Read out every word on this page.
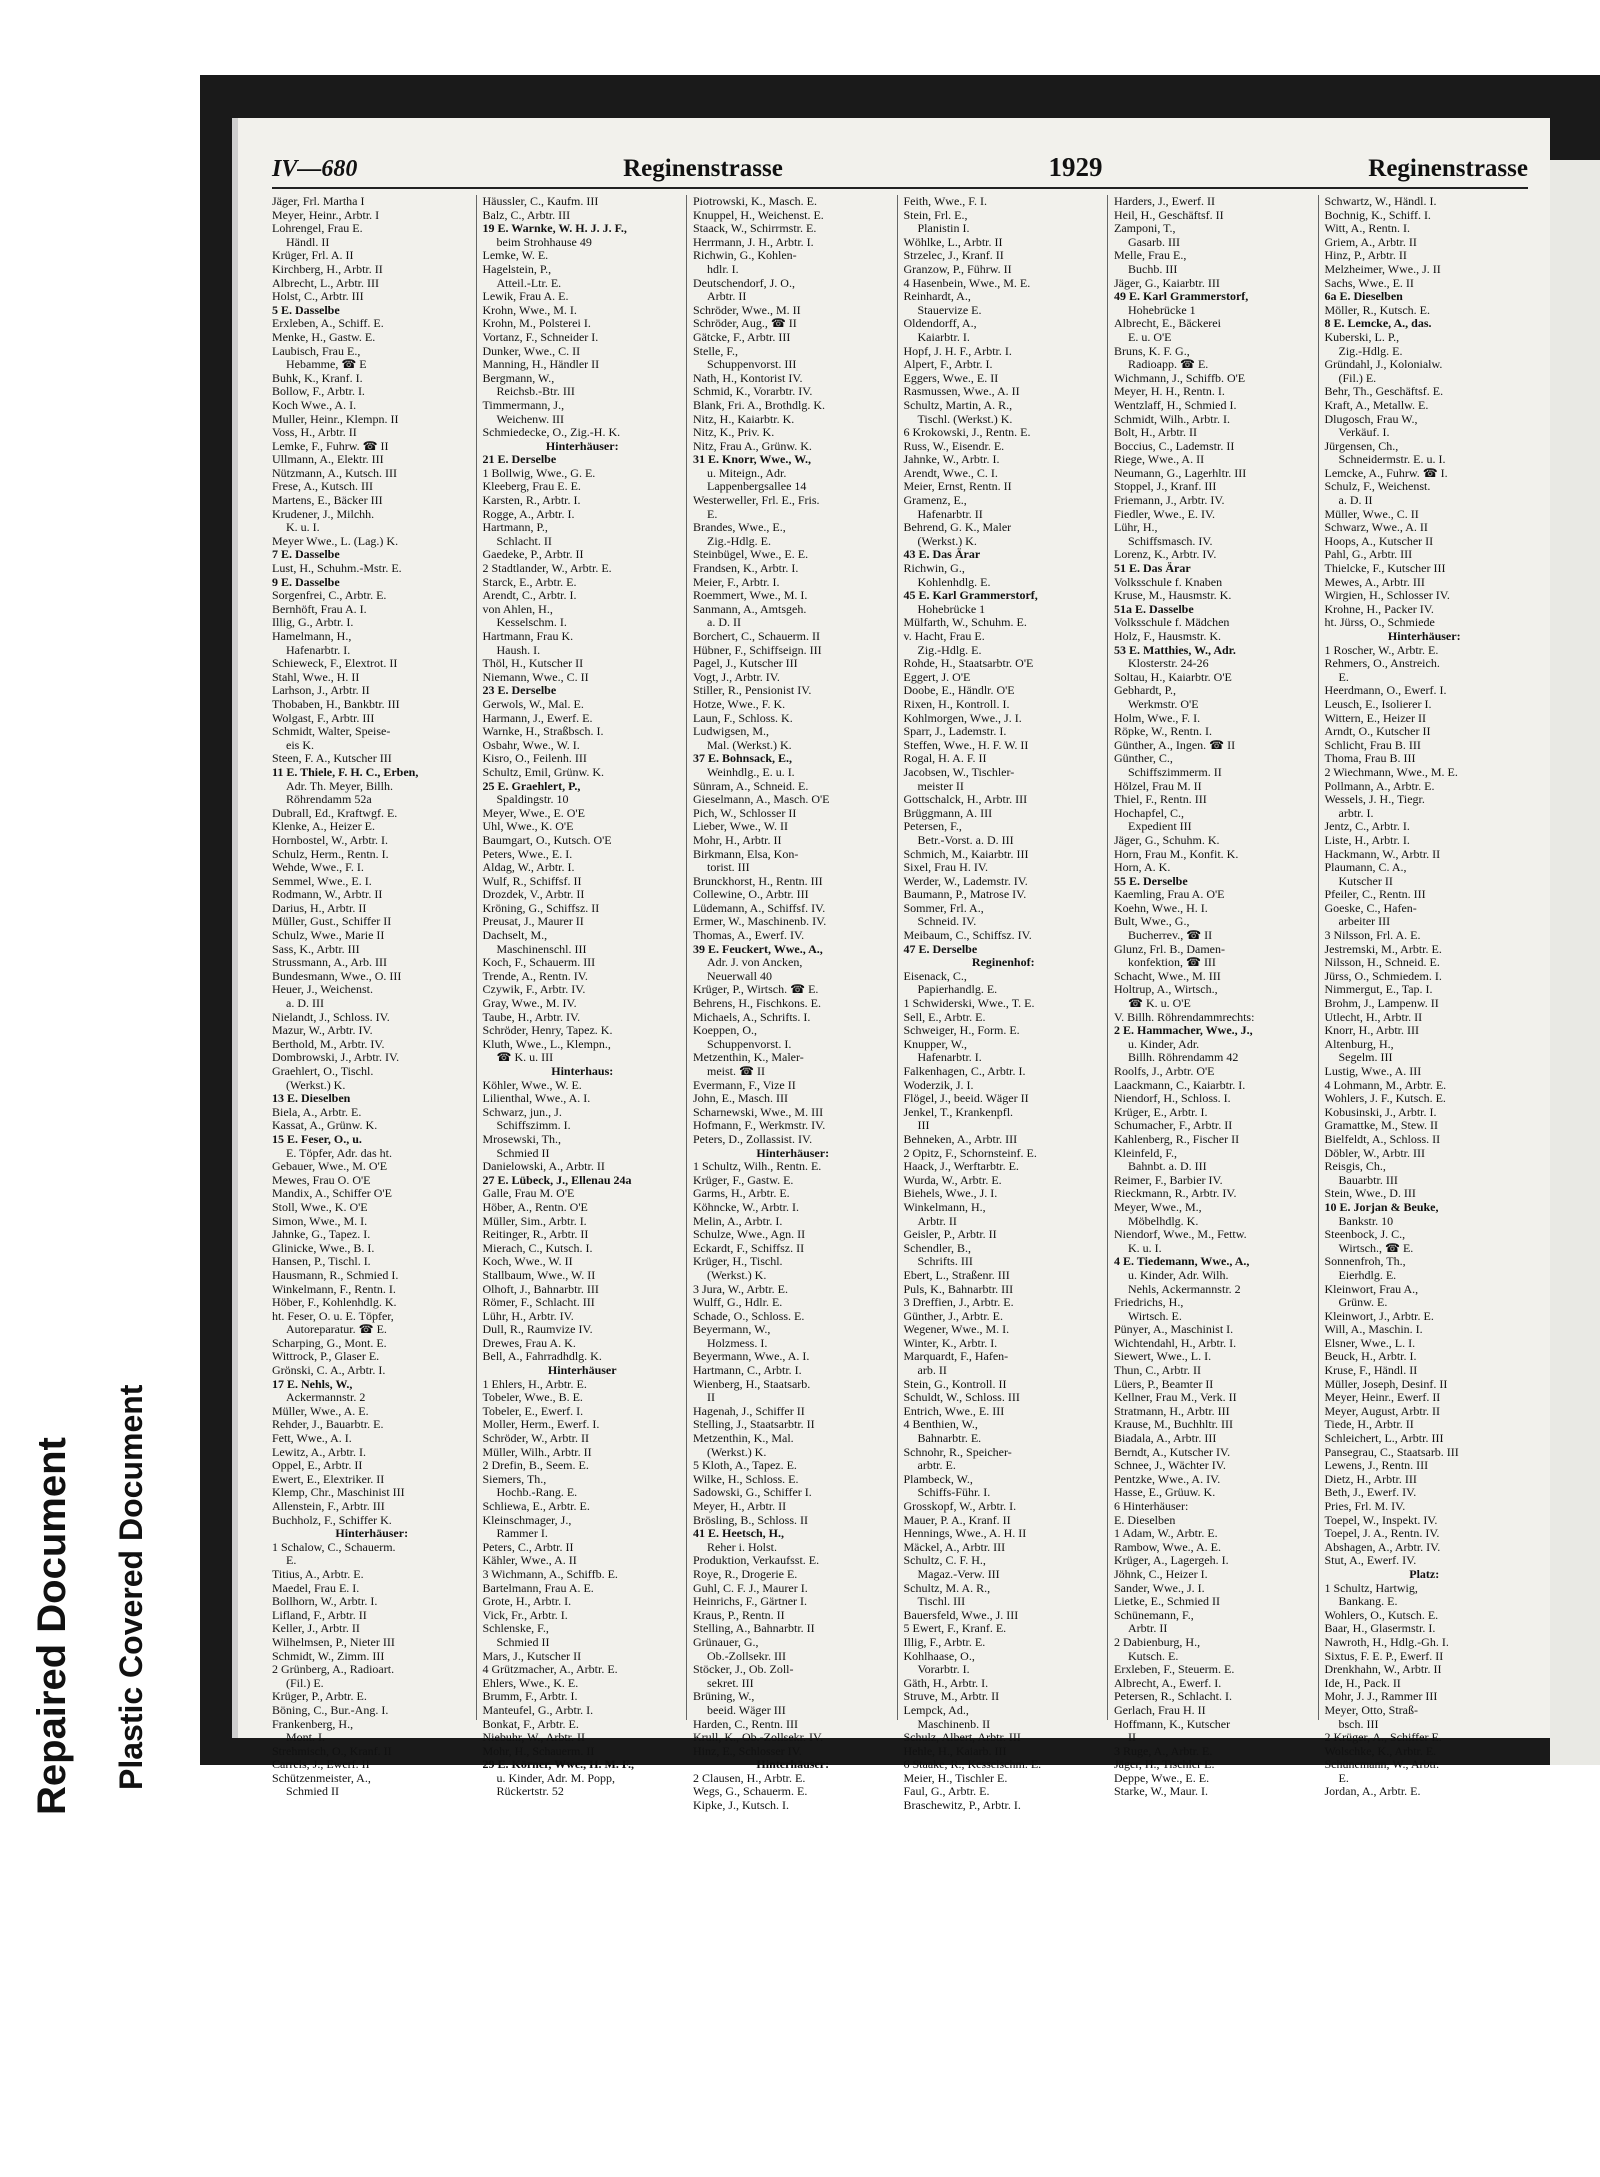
Repaired Document Plastic Covered Document
IV—680	Reginenstrasse	1929	Reginenstrasse
Jäger, Frl. Martha I
Meyer, Heinr., Arbtr. I
Lohrengel, Frau E.
Händl. II
Krüger, Frl. A. II
Kirchberg, H., Arbtr. II
Albrecht, L., Arbtr. III
Holst, C., Arbtr. III
5 E. Dasselbe
Erxleben, A., Schiff. E.
Menke, H., Gastw. E.
Laubisch, Frau E.,
Hebamme, ☎ E
Buhk, K., Kranf. I.
Bollow, F., Arbtr. I.
Koch Wwe., A. I.
Muller, Heinr., Klempn. II
Voss, H., Arbtr. II
Lemke, F., Fuhrw. ☎ II
Ullmann, A., Elektr. III
Nützmann, A., Kutsch. III
Frese, A., Kutsch. III
Martens, E., Bäcker III
Krudener, J., Milchh.
K. u. I.
Meyer Wwe., L. (Lag.) K.
7 E. Dasselbe
Lust, H., Schuhm.-Mstr. E.
9 E. Dasselbe
Sorgenfrei, C., Arbtr. E.
Bernhöft, Frau A. I.
Illig, G., Arbtr. I.
Hamelmann, H.,
Hafenarbtr. I.
Schieweck, F., Elextrot. II
Stahl, Wwe., H. II
Larhson, J., Arbtr. II
Thobaben, H., Bankbtr. III
Wolgast, F., Arbtr. III
Schmidt, Walter, Speise-
eis K.
Steen, F. A., Kutscher III
11 E. Thiele, F. H. C., Erben,
Adr. Th. Meyer, Billh.
Röhrendamm 52a
Dubrall, Ed., Kraftwgf. E.
Klenke, A., Heizer E.
Hornbostel, W., Arbtr. I.
Schulz, Herm., Rentn. I.
Wehde, Wwe., F. I.
Semmel, Wwe., E. I.
Rodmann, W., Arbtr. II
Darius, H., Arbtr. II
Müller, Gust., Schiffer II
Schulz, Wwe., Marie II
Sass, K., Arbtr. III
Strussmann, A., Arb. III
Bundesmann, Wwe., O. III
Heuer, J., Weichenst.
a. D. III
Nielandt, J., Schloss. IV.
Mazur, W., Arbtr. IV.
Berthold, M., Arbtr. IV.
Dombrowski, J., Arbtr. IV.
Graehlert, O., Tischl.
(Werkst.) K.
13 E. Dieselben
Biela, A., Arbtr. E.
Kassat, A., Grünw. K.
15 E. Feser, O., u.
E. Töpfer, Adr. das ht.
Gebauer, Wwe., M. O'E
Mewes, Frau O. O'E
Mandix, A., Schiffer O'E
Stoll, Wwe., K. O'E
Simon, Wwe., M. I.
Jahnke, G., Tapez. I.
Glinicke, Wwe., B. I.
Hansen, P., Tischl. I.
Hausmann, R., Schmied I.
Winkelmann, F., Rentn. I.
Höber, F., Kohlenhdlg. K.
ht. Feser, O. u. E. Töpfer,
Autoreparatur. ☎ E.
Scharping, G., Mont. E.
Wittrock, P., Glaser E.
Grönski, C. A., Arbtr. I.
17 E. Nehls, W.,
Ackermannstr. 2
Müller, Wwe., A. E.
Rehder, J., Bauarbtr. E.
Fett, Wwe., A. I.
Lewitz, A., Arbtr. I.
Oppel, E., Arbtr. II
Ewert, E., Elextriker. II
Klemp, Chr., Maschinist III
Allenstein, F., Arbtr. III
Buchholz, F., Schiffer K.
Hinterhäuser:
1 Schalow, C., Schauerm.
E.
Titius, A., Arbtr. E.
Maedel, Frau E. I.
Bollhorn, W., Arbtr. I.
Lifland, F., Arbtr. II
Keller, J., Arbtr. II
Wilhelmsen, P., Nieter III
Schmidt, W., Zimm. III
2 Grünberg, A., Radioart.
(Fil.) E.
Krüger, P., Arbtr. E.
Böning, C., Bur.-Ang. I.
Frankenberg, H.,
Mont. I.
Strehmisch, O., Kranf. II
Carrels, J., Ewerf. II
Schützenmeister, A.,
Schmied II
Häussler, C., Kaufm. III
Balz, C., Arbtr. III
19 E. Warnke, W. H. J. J. F.,
beim Strohhause 49
Lemke, W. E.
Hagelstein, P.,
Atteil.-Ltr. E.
Lewik, Frau A. E.
Krohn, Wwe., M. I.
Krohn, M., Polsterei I.
Vortanz, F., Schneider I.
Dunker, Wwe., C. II
Manning, H., Händler II
Bergmann, W.,
Reichsb.-Btr. III
Timmermann, J.,
Weichenw. III
Schmiedecke, O., Zig.-H. K.
Hinterhäuser:
21 E. Derselbe
1 Bollwig, Wwe., G. E.
Kleeberg, Frau E. E.
Karsten, R., Arbtr. I.
Rogge, A., Arbtr. I.
Hartmann, P.,
Schlacht. II
Gaedeke, P., Arbtr. II
2 Stadtlander, W., Arbtr. E.
Starck, E., Arbtr. E.
Arendt, C., Arbtr. I.
von Ahlen, H.,
Kesselschm. I.
Hartmann, Frau K.
Haush. I.
Thöl, H., Kutscher II
Niemann, Wwe., C. II
23 E. Derselbe
Gerwols, W., Mal. E.
Harmann, J., Ewerf. E.
Warnke, H., Straßbsch. I.
Osbahr, Wwe., W. I.
Kisro, O., Feilenh. III
Schultz, Emil, Grünw. K.
25 E. Graehlert, P.,
Spaldingstr. 10
Meyer, Wwe., E. O'E
Uhl, Wwe., K. O'E
Baumgart, O., Kutsch. O'E
Peters, Wwe., E. I.
Aldag, W., Arbtr. I.
Wulf, R., Schiffsf. II
Drozdek, V., Arbtr. II
Kröning, G., Schiffsz. II
Preusat, J., Maurer II
Dachselt, M.,
Maschinenschl. III
Koch, F., Schauerm. III
Trende, A., Rentn. IV.
Czywik, F., Arbtr. IV.
Gray, Wwe., M. IV.
Taube, H., Arbtr. IV.
Schröder, Henry, Tapez. K.
Kluth, Wwe., L., Klempn.,
☎ K. u. III
Hinterhaus:
Köhler, Wwe., W. E.
Lilienthal, Wwe., A. I.
Schwarz, jun., J.
Schiffszimm. I.
Mrosewski, Th.,
Schmied II
Danielowski, A., Arbtr. II
27 E. Lübeck, J., Ellenau 24a
Galle, Frau M. O'E
Höber, A., Rentn. O'E
Müller, Sim., Arbtr. I.
Reitinger, R., Arbtr. II
Mierach, C., Kutsch. I.
Koch, Wwe., W. II
Stallbaum, Wwe., W. II
Olhoft, J., Bahnarbtr. III
Römer, F., Schlacht. III
Lühr, H., Arbtr. IV.
Dull, R., Raumvize IV.
Drewes, Frau A. K.
Bell, A., Fahrradhdlg. K.
Hinterhäuser
1 Ehlers, H., Arbtr. E.
Tobeler, Wwe., B. E.
Tobeler, E., Ewerf. I.
Moller, Herm., Ewerf. I.
Schröder, W., Arbtr. II
Müller, Wilh., Arbtr. II
2 Drefin, B., Seem. E.
Siemers, Th.,
Hochb.-Rang. E.
Schliewa, E., Arbtr. E.
Kleinschmager, J.,
Rammer I.
Peters, C., Arbtr. II
Kähler, Wwe., A. II
3 Wichmann, A., Schiffb. E.
Bartelmann, Frau A. E.
Grote, H., Arbtr. I.
Vick, Fr., Arbtr. I.
Schlenske, F.,
Schmied II
Mars, J., Kutscher II
4 Grützmacher, A., Arbtr. E.
Ehlers, Wwe., K. E.
Brumm, F., Arbtr. I.
Manteufel, G., Arbtr. I.
Bonkat, F., Arbtr. E.
Niebuhr, W., Arbtr. II
Mohr, H., Schauerm. II
29 E. Körner, Wwe., H. M. F.,
u. Kinder, Adr. M. Popp,
Rückertstr. 52
Piotrowski, K., Masch. E.
Knuppel, H., Weichenst. E.
Staack, W., Schirrmstr. E.
Herrmann, J. H., Arbtr. I.
Richwin, G., Kohlen-
hdlr. I.
Deutschendorf, J. O.,
Arbtr. II
Schröder, Wwe., M. II
Schröder, Aug., ☎ II
Gätcke, F., Arbtr. III
Stelle, F.,
Schuppenvorst. III
Nath, H., Kontorist IV.
Schmid, K., Vorarbtr. IV.
Blank, Fri. A., Brothdlg. K.
Nitz, H., Kaiarbtr. K.
Nitz, K., Priv. K.
Nitz, Frau A., Grünw. K.
31 E. Knorr, Wwe., W.,
u. Miteign., Adr.
Lappenbergsallee 14
Westerweller, Frl. E., Fris.
E.
Brandes, Wwe., E.,
Zig.-Hdlg. E.
Steinbügel, Wwe., E. E.
Frandsen, K., Arbtr. I.
Meier, F., Arbtr. I.
Roemmert, Wwe., M. I.
Sanmann, A., Amtsgeh.
a. D. II
Borchert, C., Schauerm. II
Hübner, F., Schiffseign. III
Pagel, J., Kutscher III
Vogt, J., Arbtr. IV.
Stiller, R., Pensionist IV.
Hotze, Wwe., F. K.
Laun, F., Schloss. K.
Ludwigsen, M.,
Mal. (Werkst.) K.
37 E. Bohnsack, E.,
Weinhdlg., E. u. I.
Sünram, A., Schneid. E.
Gieselmann, A., Masch. O'E
Pich, W., Schlosser II
Lieber, Wwe., W. II
Mohr, H., Arbtr. II
Birkmann, Elsa, Kon-
torist. III
Brunckhorst, H., Rentn. III
Collewine, O., Arbtr. III
Lüdemann, A., Schiffsf. IV.
Ermer, W., Maschinenb. IV.
Thomas, A., Ewerf. IV.
39 E. Feuckert, Wwe., A.,
Adr. J. von Ancken,
Neuerwall 40
Krüger, P., Wirtsch. ☎ E.
Behrens, H., Fischkons. E.
Michaels, A., Schrifts. I.
Koeppen, O.,
Schuppenvorst. I.
Metzenthin, K., Maler-
meist. ☎ II
Evermann, F., Vize II
John, E., Masch. III
Scharnewski, Wwe., M. III
Hofmann, F., Werkmstr. IV.
Peters, D., Zollassist. IV.
Hinterhäuser:
1 Schultz, Wilh., Rentn. E.
Krüger, F., Gastw. E.
Garms, H., Arbtr. E.
Köhncke, W., Arbtr. I.
Melin, A., Arbtr. I.
Schulze, Wwe., Agn. II
Eckardt, F., Schiffsz. II
Krüger, H., Tischl.
(Werkst.) K.
3 Jura, W., Arbtr. E.
Wulff, G., Hdlr. E.
Schade, O., Schloss. E.
Beyermann, W.,
Holzmess. I.
Beyermann, Wwe., A. I.
Hartmann, C., Arbtr. I.
Wienberg, H., Staatsarb.
II
Hagenah, J., Schiffer II
Stelling, J., Staatsarbtr. II
Metzenthin, K., Mal.
(Werkst.) K.
5 Kloth, A., Tapez. E.
Wilke, H., Schloss. E.
Sadowski, G., Schiffer I.
Meyer, H., Arbtr. II
Brösling, B., Schloss. II
41 E. Heetsch, H.,
Reher i. Holst.
Produktion, Verkaufsst. E.
Roye, R., Drogerie E.
Guhl, C. F. J., Maurer I.
Heinrichs, F., Gärtner I.
Kraus, P., Rentn. II
Stelling, A., Bahnarbtr. II
Grünauer, G.,
Ob.-Zollsekr. III
Stöcker, J., Ob. Zoll-
sekret. III
Brüning, W.,
beeid. Wäger III
Harden, C., Rentn. III
Krull, K., Ob.-Zollsekr. IV.
Hinz, E., Schlosser IV.
Hinterhäuser:
2 Clausen, H., Arbtr. E.
Wegs, G., Schauerm. E.
Kipke, J., Kutsch. I.
Feith, Wwe., F. I.
Stein, Frl. E.,
Planistin I.
Wöhlke, L., Arbtr. II
Strzelec, J., Kranf. II
Granzow, P., Führw. II
4 Hasenbein, Wwe., M. E.
Reinhardt, A.,
Stauervize E.
Oldendorff, A.,
Kaiarbtr. I.
Hopf, J. H. F., Arbtr. I.
Alpert, F., Arbtr. I.
Eggers, Wwe., E. II
Rasmussen, Wwe., A. II
Schultz, Martin, A. R.,
Tischl. (Werkst.) K.
6 Krokowski, J., Rentn. E.
Russ, W., Eisendr. E.
Jahnke, W., Arbtr. I.
Arendt, Wwe., C. I.
Meier, Ernst, Rentn. II
Gramenz, E.,
Hafenarbtr. II
Behrend, G. K., Maler
(Werkst.) K.
43 E. Das Ärar
Richwin, G.,
Kohlenhdlg. E.
45 E. Karl Grammerstorf,
Hohebrücke 1
Mülfarth, W., Schuhm. E.
v. Hacht, Frau E.
Zig.-Hdlg. E.
Rohde, H., Staatsarbtr. O'E
Eggert, J. O'E
Doobe, E., Händlr. O'E
Rixen, H., Kontroll. I.
Kohlmorgen, Wwe., J. I.
Sparr, J., Lademstr. I.
Steffen, Wwe., H. F. W. II
Rogal, H. A. F. II
Jacobsen, W., Tischler-
meister II
Gottschalck, H., Arbtr. III
Brüggmann, A. III
Petersen, F.,
Betr.-Vorst. a. D. III
Schmich, M., Kaiarbtr. III
Sixel, Frau H. IV.
Werder, W., Lademstr. IV.
Baumann, P., Matrose IV.
Sommer, Frl. A.,
Schneid. IV.
Meibaum, C., Schiffsz. IV.
47 E. Derselbe
Reginenhof:
Eisenack, C.,
Papierhandlg. E.
1 Schwiderski, Wwe., T. E.
Sell, E., Arbtr. E.
Schweiger, H., Form. E.
Knupper, W.,
Hafenarbtr. I.
Falkenhagen, C., Arbtr. I.
Woderzik, J. I.
Flögel, J., beeid. Wäger II
Jenkel, T., Krankenpfl.
III
Behneken, A., Arbtr. III
2 Opitz, F., Schornsteinf. E.
Haack, J., Werftarbtr. E.
Wurda, W., Arbtr. E.
Biehels, Wwe., J. I.
Winkelmann, H.,
Arbtr. II
Geisler, P., Arbtr. II
Schendler, B.,
Schrifts. III
Ebert, L., Straßenr. III
Puls, K., Bahnarbtr. III
3 Dreffien, J., Arbtr. E.
Günther, J., Arbtr. E.
Wegener, Wwe., M. I.
Winter, K., Arbtr. I.
Marquardt, F., Hafen-
arb. II
Stein, G., Kontroll. II
Schuldt, W., Schloss. III
Entrich, Wwe., E. III
4 Benthien, W.,
Bahnarbtr. E.
Schnohr, R., Speicher-
arbtr. E.
Plambeck, W.,
Schiffs-Führ. I.
Grosskopf, W., Arbtr. I.
Mauer, P. A., Kranf. II
Hennings, Wwe., A. H. II
Mäckel, A., Arbtr. III
Schultz, C. F. H.,
Magaz.-Verw. III
Schultz, M. A. R.,
Tischl. III
Bauersfeld, Wwe., J. III
5 Ewert, F., Kranf. E.
Illig, F., Arbtr. E.
Kohlhaase, O.,
Vorarbtr. I.
Gäth, H., Arbtr. I.
Struve, M., Arbtr. II
Lempck, Ad.,
Maschinenb. II
Schulz, Albert, Arbtr. III
Hehle, H., Kaiarb. III
6 Staake, R., Kesselschm. E.
Meier, H., Tischler E.
Faul, G., Arbtr. E.
Braschewitz, P., Arbtr. I.
Harders, J., Ewerf. II
Heil, H., Geschäftsf. II
Zamponi, T.,
Gasarb. III
Melle, Frau E.,
Buchb. III
Jäger, G., Kaiarbtr. III
49 E. Karl Grammerstorf,
Hohebrücke 1
Albrecht, E., Bäckerei
E. u. O'E
Bruns, K. F. G.,
Radioapp. ☎ E.
Wichmann, J., Schiffb. O'E
Meyer, H. H., Rentn. I.
Wentzlaff, H., Schmied I.
Schmidt, Wilh., Arbtr. I.
Bolt, H., Arbtr. II
Boccius, C., Lademstr. II
Riege, Wwe., A. II
Neumann, G., Lagerhltr. III
Stoppel, J., Kranf. III
Friemann, J., Arbtr. IV.
Fiedler, Wwe., E. IV.
Lühr, H.,
Schiffsmasch. IV.
Lorenz, K., Arbtr. IV.
51 E. Das Ärar
Volksschule f. Knaben
Kruse, M., Hausmstr. K.
51a E. Dasselbe
Volksschule f. Mädchen
Holz, F., Hausmstr. K.
53 E. Matthies, W., Adr.
Klosterstr. 24-26
Soltau, H., Kaiarbtr. O'E
Gebhardt, P.,
Werkmstr. O'E
Holm, Wwe., F. I.
Röpke, W., Rentn. I.
Günther, A., Ingen. ☎ II
Günther, C.,
Schiffszimmerm. II
Hölzel, Frau M. II
Thiel, F., Rentn. III
Hochapfel, C.,
Expedient III
Jäger, G., Schuhm. K.
Horn, Frau M., Konfit. K.
Horn, A. K.
55 E. Derselbe
Kaemling, Frau A. O'E
Koehn, Wwe., H. I.
Bult, Wwe., G.,
Bucherrev., ☎ II
Glunz, Frl. B., Damen-
konfektion, ☎ III
Schacht, Wwe., M. III
Holtrup, A., Wirtsch.,
☎ K. u. O'E
V. Billh. Röhrendammrechts:
2 E. Hammacher, Wwe., J.,
u. Kinder, Adr.
Billh. Röhrendamm 42
Roolfs, J., Arbtr. O'E
Laackmann, C., Kaiarbtr. I.
Niendorf, H., Schloss. I.
Krüger, E., Arbtr. I.
Schumacher, F., Arbtr. II
Kahlenberg, R., Fischer II
Kleinfeld, F.,
Bahnbt. a. D. III
Reimer, F., Barbier IV.
Rieckmann, R., Arbtr. IV.
Meyer, Wwe., M.,
Möbelhdlg. K.
Niendorf, Wwe., M., Fettw.
K. u. I.
4 E. Tiedemann, Wwe., A.,
u. Kinder, Adr. Wilh.
Nehls, Ackermannstr. 2
Friedrichs, H.,
Wirtsch. E.
Pünyer, A., Maschinist I.
Wichtendahl, H., Arbtr. I.
Siewert, Wwe., L. I.
Thun, C., Arbtr. II
Lüers, P., Beamter II
Kellner, Frau M., Verk. II
Stratmann, H., Arbtr. III
Krause, M., Buchhltr. III
Biadala, A., Arbtr. III
Berndt, A., Kutscher IV.
Schnee, J., Wächter IV.
Pentzke, Wwe., A. IV.
Hasse, E., Grüuw. K.
6 Hinterhäuser:
E. Dieselben
1 Adam, W., Arbtr. E.
Rambow, Wwe., A. E.
Krüger, A., Lagergeh. I.
Jöhnk, C., Heizer I.
Sander, Wwe., J. I.
Lietke, E., Schmied II
Schünemann, F.,
Arbtr. II
2 Dabienburg, H.,
Kutsch. E.
Erxleben, F., Steuerm. E.
Albrecht, A., Ewerf. I.
Petersen, R., Schlacht. I.
Gerlach, Frau H. II
Hoffmann, K., Kutscher
II
3 Ruge, A., Arbtr. E.
Jäger, H., Tischler E.
Deppe, Wwe., E. E.
Starke, W., Maur. I.
Schwartz, W., Händl. I.
Bochnig, K., Schiff. I.
Witt, A., Rentn. I.
Griem, A., Arbtr. II
Hinz, P., Arbtr. II
Melzheimer, Wwe., J. II
Sachs, Wwe., E. II
6a E. Dieselben
Möller, R., Kutsch. E.
8 E. Lemcke, A., das.
Kuberski, L. P.,
Zig.-Hdlg. E.
Gründahl, J., Kolonialw.
(Fil.) E.
Behr, Th., Geschäftsf. E.
Kraft, A., Metallw. E.
Dlugosch, Frau W.,
Verkäuf. I.
Jürgensen, Ch.,
Schneidermstr. E. u. I.
Lemcke, A., Fuhrw. ☎ I.
Schulz, F., Weichenst.
a. D. II
Müller, Wwe., C. II
Schwarz, Wwe., A. II
Hoops, A., Kutscher II
Pahl, G., Arbtr. III
Thielcke, F., Kutscher III
Mewes, A., Arbtr. III
Wirgien, H., Schlosser IV.
Krohne, H., Packer IV.
ht. Jürss, O., Schmiede
Hinterhäuser:
1 Roscher, W., Arbtr. E.
Rehmers, O., Anstreich.
E.
Heerdmann, O., Ewerf. I.
Leusch, E., Isolierer I.
Wittern, E., Heizer II
Arndt, O., Kutscher II
Schlicht, Frau B. III
Thoma, Frau B. III
2 Wiechmann, Wwe., M. E.
Pollmann, A., Arbtr. E.
Wessels, J. H., Tiegr.
arbtr. I.
Jentz, C., Arbtr. I.
Liste, H., Arbtr. I.
Hackmann, W., Arbtr. II
Plaumann, C. A.,
Kutscher II
Pfeiler, C., Rentn. III
Goeske, C., Hafen-
arbeiter III
3 Nilsson, Frl. A. E.
Jestremski, M., Arbtr. E.
Nilsson, H., Schneid. E.
Jürss, O., Schmiedem. I.
Nimmergut, E., Tap. I.
Brohm, J., Lampenw. II
Utlecht, H., Arbtr. II
Knorr, H., Arbtr. III
Altenburg, H.,
Segelm. III
Lustig, Wwe., A. III
4 Lohmann, M., Arbtr. E.
Wohlers, J. F., Kutsch. E.
Kobusinski, J., Arbtr. I.
Gramattke, M., Stew. II
Bielfeldt, A., Schloss. II
Döbler, W., Arbtr. III
Reisgis, Ch.,
Bauarbtr. III
Stein, Wwe., D. III
10 E. Jorjan & Beuke,
Bankstr. 10
Steenbock, J. C.,
Wirtsch., ☎ E.
Sonnenfroh, Th.,
Eierhdlg. E.
Kleinwort, Frau A.,
Grünw. E.
Kleinwort, J., Arbtr. E.
Will, A., Maschin. I.
Elsner, Wwe., L. I.
Beuck, H., Arbtr. I.
Kruse, F., Händl. II
Müller, Joseph, Desinf. II
Meyer, Heinr., Ewerf. II
Meyer, August, Arbtr. II
Tiede, H., Arbtr. II
Schleichert, L., Arbtr. III
Pansegrau, C., Staatsarb. III
Lewens, J., Rentn. III
Dietz, H., Arbtr. III
Beth, J., Ewerf. IV.
Pries, Frl. M. IV.
Toepel, W., Inspekt. IV.
Toepel, J. A., Rentn. IV.
Abshagen, A., Arbtr. IV.
Stut, A., Ewerf. IV.
Platz:
1 Schultz, Hartwig,
Bankang. E.
Wohlers, O., Kutsch. E.
Baar, H., Glasermstr. I.
Nawroth, H., Hdlg.-Gh. I.
Sixtus, F. E. P., Ewerf. II
Drenkhahn, W., Arbtr. II
Ide, H., Pack. II
Mohr, J. J., Rammer III
Meyer, Otto, Straß-
bsch. III
2 Krüger, A., Schiffer E.
Wolschke, K., Arbtr. E.
Schünemann, W., Arbtr.
E.
Jordan, A., Arbtr. E.
